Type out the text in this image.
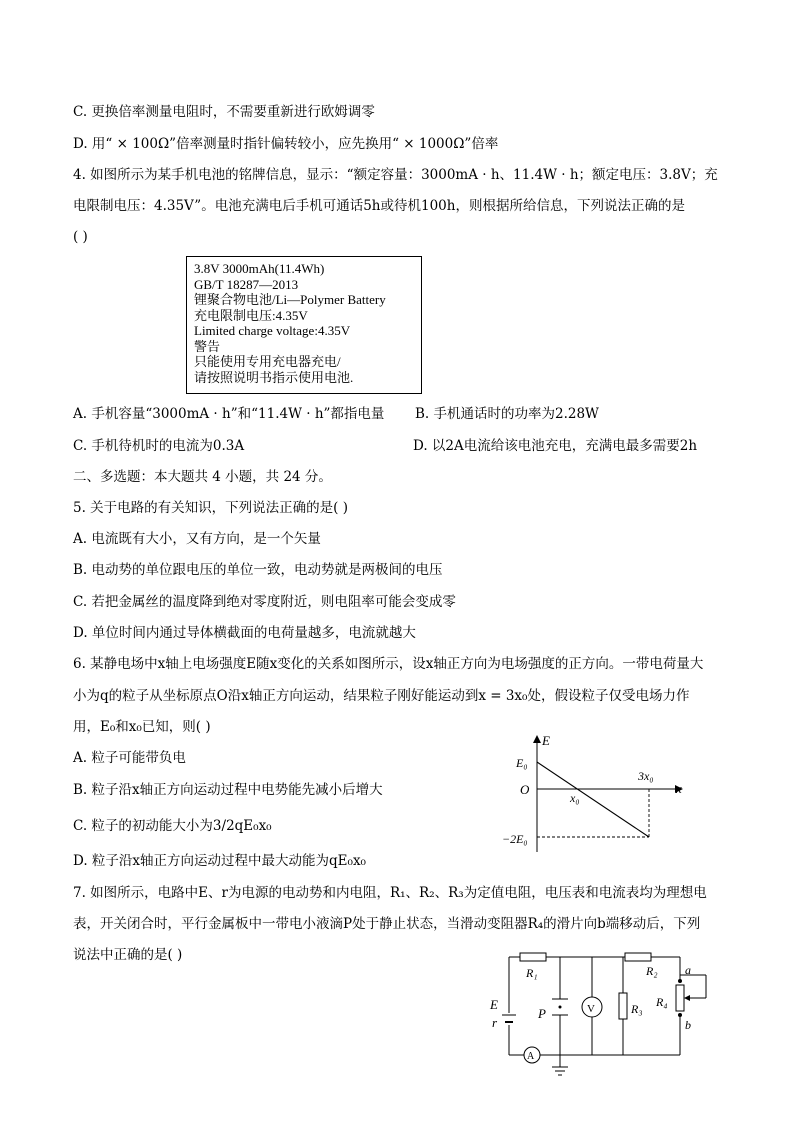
C. 更换倍率测量电阻时，不需要重新进行欧姆调零
D. 用“ × 100Ω”倍率测量时指针偏转较小，应先换用“ × 1000Ω”倍率
4. 如图所示为某手机电池的铭牌信息，显示：“额定容量：3000mA · h、11.4W · h；额定电压：3.8V；充
电限制电压：4.35V”。电池充满电后手机可通话5h或待机100h，则根据所给信息，下列说法正确的是
( )
3.8V 3000mAh(11.4Wh)
GB/T 18287—2013
锂聚合物电池/Li—Polymer Battery
充电限制电压:4.35V
Limited charge voltage:4.35V
警告
只能使用专用充电器充电/
请按照说明书指示使用电池.
A. 手机容量“3000mA · h”和“11.4W · h”都指电量 B. 手机通话时的功率为2.28W
C. 手机待机时的电流为0.3A	D. 以2A电流给该电池充电，充满电最多需要2h
二、多选题：本大题共 4 小题，共 24 分。
5. 关于电路的有关知识，下列说法正确的是( )
A. 电流既有大小，又有方向，是一个矢量
B. 电动势的单位跟电压的单位一致，电动势就是两极间的电压
C. 若把金属丝的温度降到绝对零度附近，则电阻率可能会变成零
D. 单位时间内通过导体横截面的电荷量越多，电流就越大
6. 某静电场中x轴上电场强度E随x变化的关系如图所示，设x轴正方向为电场强度的正方向。一带电荷量大
小为q的粒子从坐标原点O沿x轴正方向运动，结果粒子刚好能运动到x = 3x₀处，假设粒子仅受电场力作
用，E₀和x₀已知，则( )
A. 粒子可能带负电
B. 粒子沿x轴正方向运动过程中电势能先减小后增大
C. 粒子的初动能大小为3/2qE₀x₀
D. 粒子沿x轴正方向运动过程中最大动能为qE₀x₀
E
x
O
E₀
−2E₀
x₀
3x₀
7. 如图所示，电路中E、r为电源的电动势和内电阻，R₁、R₂、R₃为定值电阻，电压表和电流表均为理想电
表，开关闭合时，平行金属板中一带电小液滴P处于静止状态，当滑动变阻器R₄的滑片向b端移动后，下列
说法中正确的是( )
E
r
P	V
A
R₁	R₂
R₃ R₄
a
b
